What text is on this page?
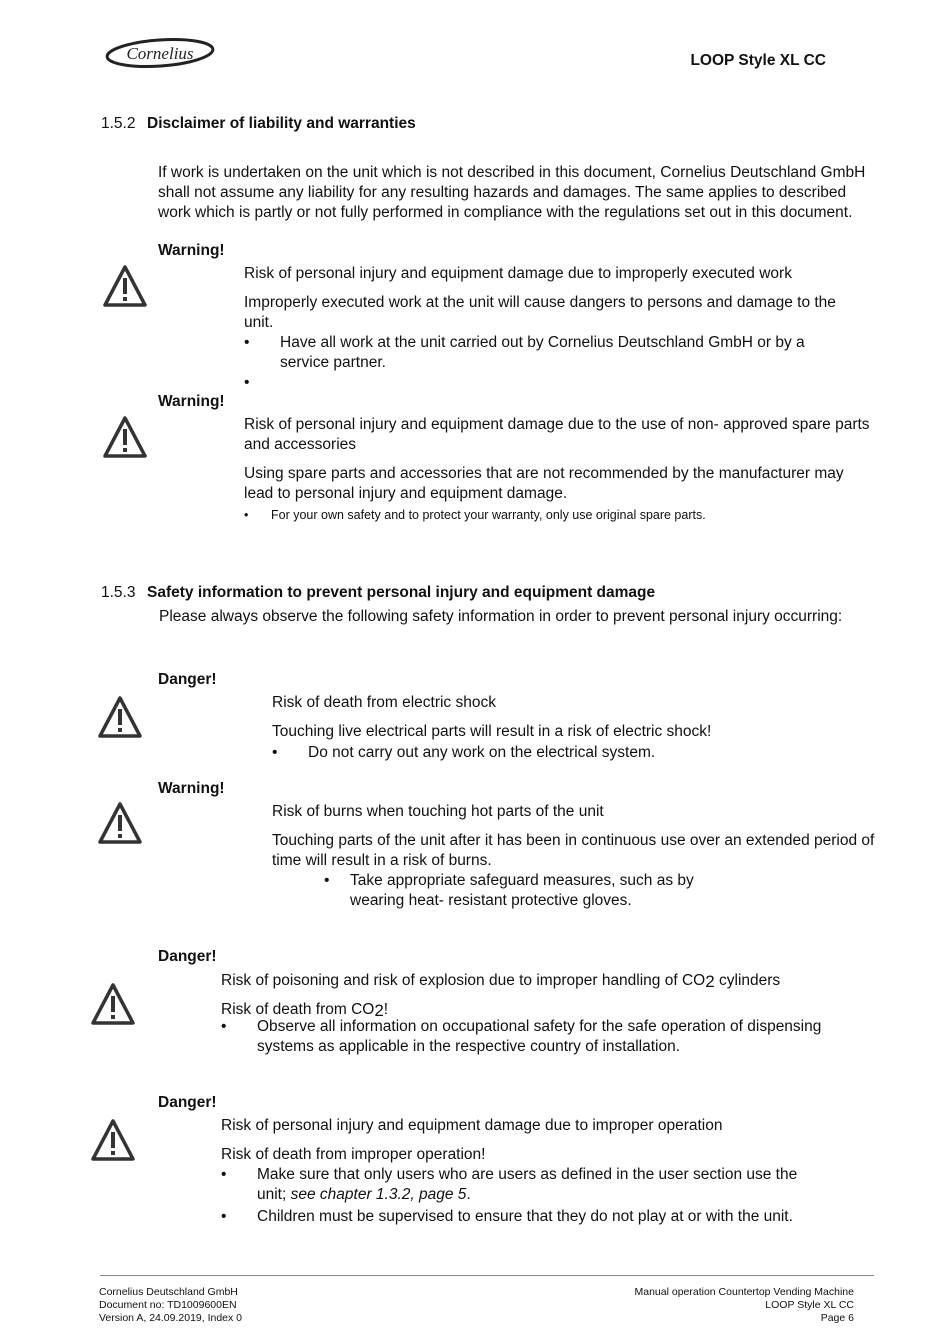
Cornelius	LOOP Style XL CC
1.5.2 Disclaimer of liability and warranties
If work is undertaken on the unit which is not described in this document, Cornelius Deutschland GmbH
shall not assume any liability for any resulting hazards and damages. The same applies to described
work which is partly or not fully performed in compliance with the regulations set out in this document.
Warning!
Risk of personal injury and equipment damage due to improperly executed work
Improperly executed work at the unit will cause dangers to persons and damage to the
unit.
• Have all work at the unit carried out by Cornelius Deutschland GmbH or by a
service partner.
•

Warning!
Risk of personal injury and equipment damage due to the use of non- approved spare parts
and accessories
Using spare parts and accessories that are not recommended by the manufacturer may
lead to personal injury and equipment damage.
• For your own safety and to protect your warranty, only use original spare parts.
1.5.3 Safety information to prevent personal injury and equipment damage
Please always observe the following safety information in order to prevent personal injury occurring:
Danger!
Risk of death from electric shock
Touching live electrical parts will result in a risk of electric shock!
• Do not carry out any work on the electrical system.
Warning!
Risk of burns when touching hot parts of the unit
Touching parts of the unit after it has been in continuous use over an extended period of
time will result in a risk of burns.
• Take appropriate safeguard measures, such as by
wearing heat- resistant protective gloves.
Danger!
Risk of poisoning and risk of explosion due to improper handling of CO2 cylinders
Risk of death from CO2!
• Observe all information on occupational safety for the safe operation of dispensing
systems as applicable in the respective country of installation.
Danger!
Risk of personal injury and equipment damage due to improper operation
Risk of death from improper operation!
• Make sure that only users who are users as defined in the user section use the
unit; see chapter 1.3.2, page 5.
• Children must be supervised to ensure that they do not play at or with the unit.
Cornelius Deutschland GmbH
Document no: TD1009600EN
Version A, 24.09.2019, Index 0
Manual operation Countertop Vending Machine
LOOP Style XL CC
Page 6
